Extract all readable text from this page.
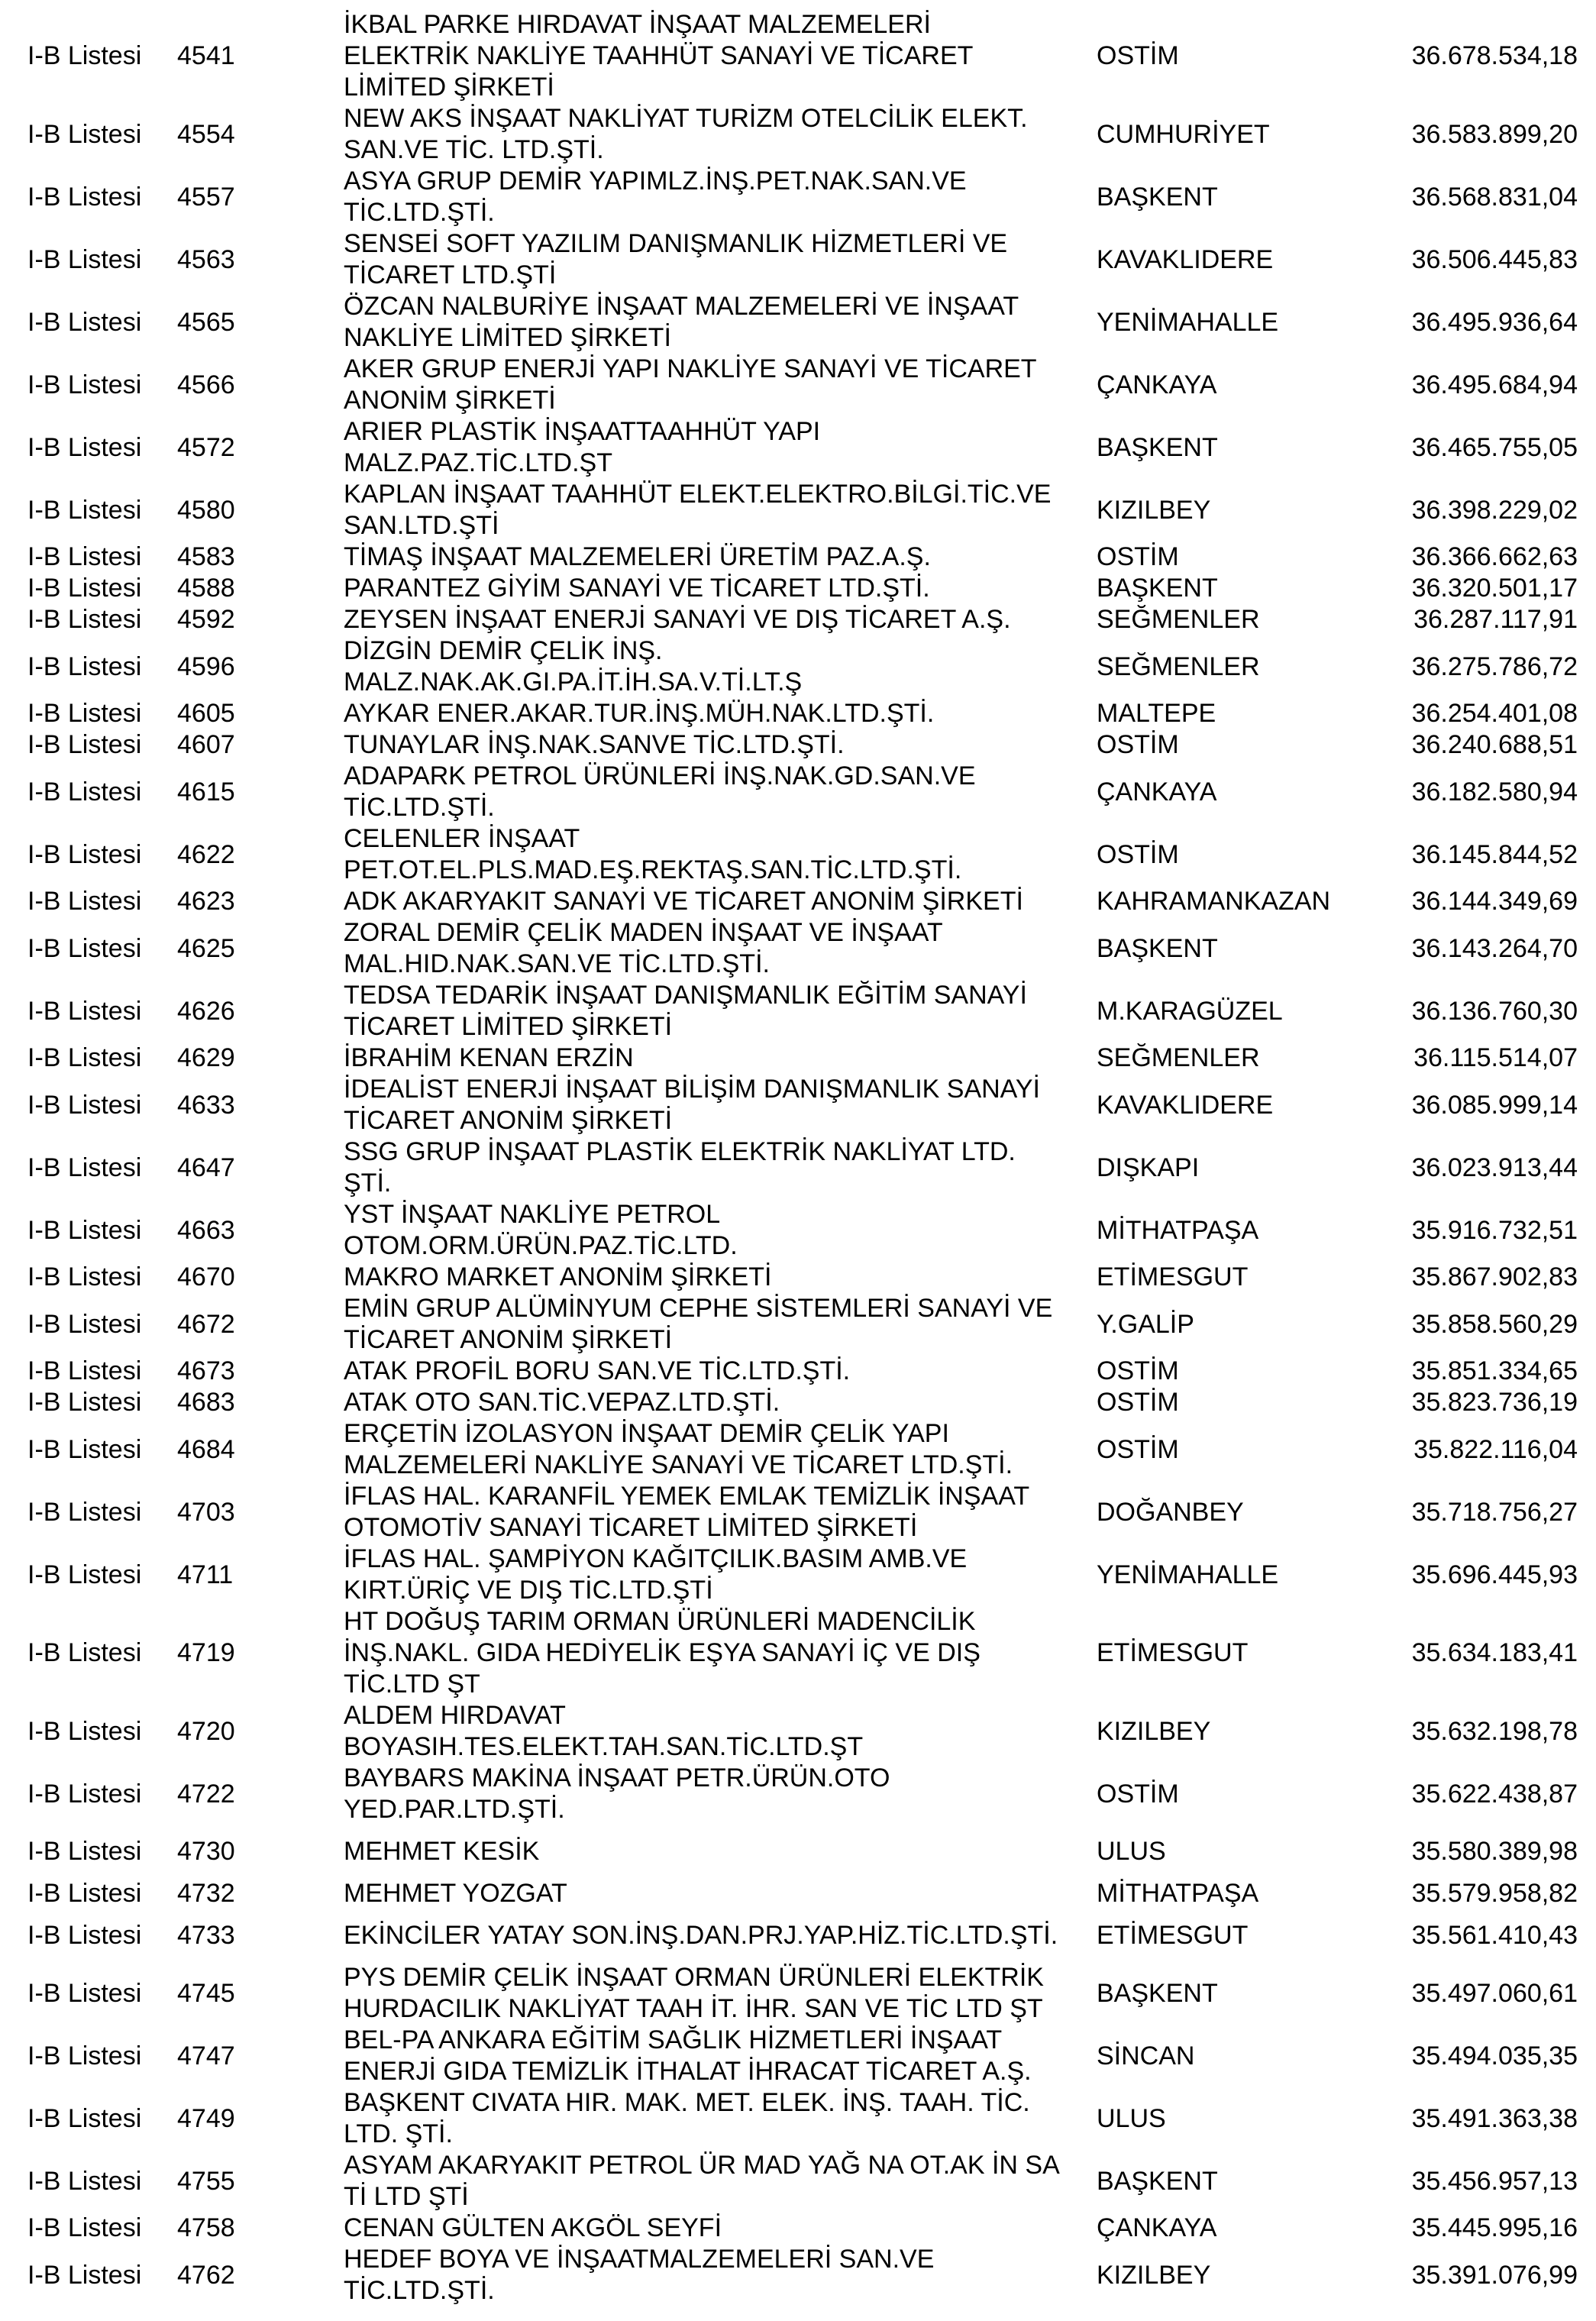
I-B Listesi	4541	İKBAL PARKE HIRDAVAT İNŞAAT MALZEMELERİ
ELEKTRİK NAKLİYE TAAHHÜT SANAYİ VE TİCARET
LİMİTED ŞİRKETİ	OSTİM	36.678.534,18
I-B Listesi	4554	NEW AKS İNŞAAT NAKLİYAT TURİZM OTELCİLİK ELEKT.
SAN.VE TİC. LTD.ŞTİ.	CUMHURİYET	36.583.899,20
I-B Listesi	4557	ASYA GRUP DEMİR YAPIMLZ.İNŞ.PET.NAK.SAN.VE
TİC.LTD.ŞTİ.	BAŞKENT	36.568.831,04
I-B Listesi	4563	SENSEİ SOFT YAZILIM DANIŞMANLIK HİZMETLERİ VE
TİCARET LTD.ŞTİ	KAVAKLIDERE	36.506.445,83
I-B Listesi	4565	ÖZCAN NALBURİYE İNŞAAT MALZEMELERİ VE İNŞAAT
NAKLİYE LİMİTED ŞİRKETİ	YENİMAHALLE	36.495.936,64
I-B Listesi	4566	AKER GRUP ENERJİ YAPI NAKLİYE SANAYİ VE TİCARET
ANONİM ŞİRKETİ	ÇANKAYA	36.495.684,94
I-B Listesi	4572	ARIER PLASTİK İNŞAATTAAHHÜT YAPI
MALZ.PAZ.TİC.LTD.ŞT	BAŞKENT	36.465.755,05
I-B Listesi	4580	KAPLAN İNŞAAT TAAHHÜT ELEKT.ELEKTRO.BİLGİ.TİC.VE
SAN.LTD.ŞTİ	KIZILBEY	36.398.229,02
I-B Listesi	4583	TİMAŞ İNŞAAT MALZEMELERİ ÜRETİM PAZ.A.Ş.	OSTİM	36.366.662,63
I-B Listesi	4588	PARANTEZ GİYİM SANAYİ VE TİCARET LTD.ŞTİ.	BAŞKENT	36.320.501,17
I-B Listesi	4592	ZEYSEN İNŞAAT ENERJİ SANAYİ VE DIŞ TİCARET A.Ş.	SEĞMENLER	36.287.117,91
I-B Listesi	4596	DİZGİN DEMİR ÇELİK İNŞ.
MALZ.NAK.AK.GI.PA.İT.İH.SA.V.Tİ.LT.Ş	SEĞMENLER	36.275.786,72
I-B Listesi	4605	AYKAR ENER.AKAR.TUR.İNŞ.MÜH.NAK.LTD.ŞTİ.	MALTEPE	36.254.401,08
I-B Listesi	4607	TUNAYLAR İNŞ.NAK.SANVE TİC.LTD.ŞTİ.	OSTİM	36.240.688,51
I-B Listesi	4615	ADAPARK PETROL ÜRÜNLERİ İNŞ.NAK.GD.SAN.VE
TİC.LTD.ŞTİ.	ÇANKAYA	36.182.580,94
I-B Listesi	4622	CELENLER İNŞAAT
PET.OT.EL.PLS.MAD.EŞ.REKTAŞ.SAN.TİC.LTD.ŞTİ.	OSTİM	36.145.844,52
I-B Listesi	4623	ADK AKARYAKIT SANAYİ VE TİCARET ANONİM ŞİRKETİ	KAHRAMANKAZAN	36.144.349,69
I-B Listesi	4625	ZORAL DEMİR ÇELİK MADEN İNŞAAT VE İNŞAAT
MAL.HID.NAK.SAN.VE TİC.LTD.ŞTİ.	BAŞKENT	36.143.264,70
I-B Listesi	4626	TEDSA TEDARİK İNŞAAT DANIŞMANLIK EĞİTİM SANAYİ
TİCARET LİMİTED ŞİRKETİ	M.KARAGÜZEL	36.136.760,30
I-B Listesi	4629	İBRAHİM KENAN ERZİN	SEĞMENLER	36.115.514,07
I-B Listesi	4633	İDEALİST ENERJİ İNŞAAT BİLİŞİM DANIŞMANLIK SANAYİ
TİCARET ANONİM ŞİRKETİ	KAVAKLIDERE	36.085.999,14
I-B Listesi	4647	SSG GRUP İNŞAAT PLASTİK ELEKTRİK NAKLİYAT LTD.
ŞTİ.	DIŞKAPI	36.023.913,44
I-B Listesi	4663	YST İNŞAAT NAKLİYE PETROL
OTOM.ORM.ÜRÜN.PAZ.TİC.LTD.	MİTHATPAŞA	35.916.732,51
I-B Listesi	4670	MAKRO MARKET ANONİM ŞİRKETİ	ETİMESGUT	35.867.902,83
I-B Listesi	4672	EMİN GRUP ALÜMİNYUM CEPHE SİSTEMLERİ SANAYİ VE
TİCARET ANONİM ŞİRKETİ	Y.GALİP	35.858.560,29
I-B Listesi	4673	ATAK PROFİL BORU SAN.VE TİC.LTD.ŞTİ.	OSTİM	35.851.334,65
I-B Listesi	4683	ATAK OTO SAN.TİC.VEPAZ.LTD.ŞTİ.	OSTİM	35.823.736,19
I-B Listesi	4684	ERÇETİN İZOLASYON İNŞAAT DEMİR ÇELİK YAPI
MALZEMELERİ NAKLİYE SANAYİ VE TİCARET LTD.ŞTİ.	OSTİM	35.822.116,04
I-B Listesi	4703	İFLAS HAL. KARANFİL YEMEK EMLAK TEMİZLİK İNŞAAT
OTOMOTİV SANAYİ TİCARET LİMİTED ŞİRKETİ	DOĞANBEY	35.718.756,27
I-B Listesi	4711	İFLAS HAL. ŞAMPİYON KAĞITÇILIK.BASIM AMB.VE
KIRT.ÜRİÇ VE DIŞ TİC.LTD.ŞTİ	YENİMAHALLE	35.696.445,93
I-B Listesi	4719	HT DOĞUŞ TARIM ORMAN ÜRÜNLERİ MADENCİLİK
İNŞ.NAKL. GIDA HEDİYELİK EŞYA SANAYİ İÇ VE DIŞ
TİC.LTD ŞT	ETİMESGUT	35.634.183,41
I-B Listesi	4720	ALDEM HIRDAVAT
BOYASIH.TES.ELEKT.TAH.SAN.TİC.LTD.ŞT	KIZILBEY	35.632.198,78
I-B Listesi	4722	BAYBARS MAKİNA İNŞAAT PETR.ÜRÜN.OTO
YED.PAR.LTD.ŞTİ.	OSTİM	35.622.438,87
I-B Listesi	4730	MEHMET KESİK	ULUS	35.580.389,98
I-B Listesi	4732	MEHMET YOZGAT	MİTHATPAŞA	35.579.958,82
I-B Listesi	4733	EKİNCİLER YATAY SON.İNŞ.DAN.PRJ.YAP.HİZ.TİC.LTD.ŞTİ.	ETİMESGUT	35.561.410,43
I-B Listesi	4745	PYS DEMİR ÇELİK İNŞAAT ORMAN ÜRÜNLERİ ELEKTRİK
HURDACILIK NAKLİYAT TAAH İT. İHR. SAN VE TİC LTD ŞT	BAŞKENT	35.497.060,61
I-B Listesi	4747	BEL-PA ANKARA EĞİTİM SAĞLIK HİZMETLERİ İNŞAAT
ENERJİ GIDA TEMİZLİK İTHALAT İHRACAT TİCARET A.Ş.	SİNCAN	35.494.035,35
I-B Listesi	4749	BAŞKENT CIVATA HIR. MAK. MET. ELEK. İNŞ. TAAH. TİC.
LTD. ŞTİ.	ULUS	35.491.363,38
I-B Listesi	4755	ASYAM AKARYAKIT PETROL ÜR MAD YAĞ NA OT.AK İN SA
Tİ LTD ŞTİ	BAŞKENT	35.456.957,13
I-B Listesi	4758	CENAN GÜLTEN AKGÖL SEYFİ	ÇANKAYA	35.445.995,16
I-B Listesi	4762	HEDEF BOYA VE İNŞAATMALZEMELERİ SAN.VE
TİC.LTD.ŞTİ.	KIZILBEY	35.391.076,99
